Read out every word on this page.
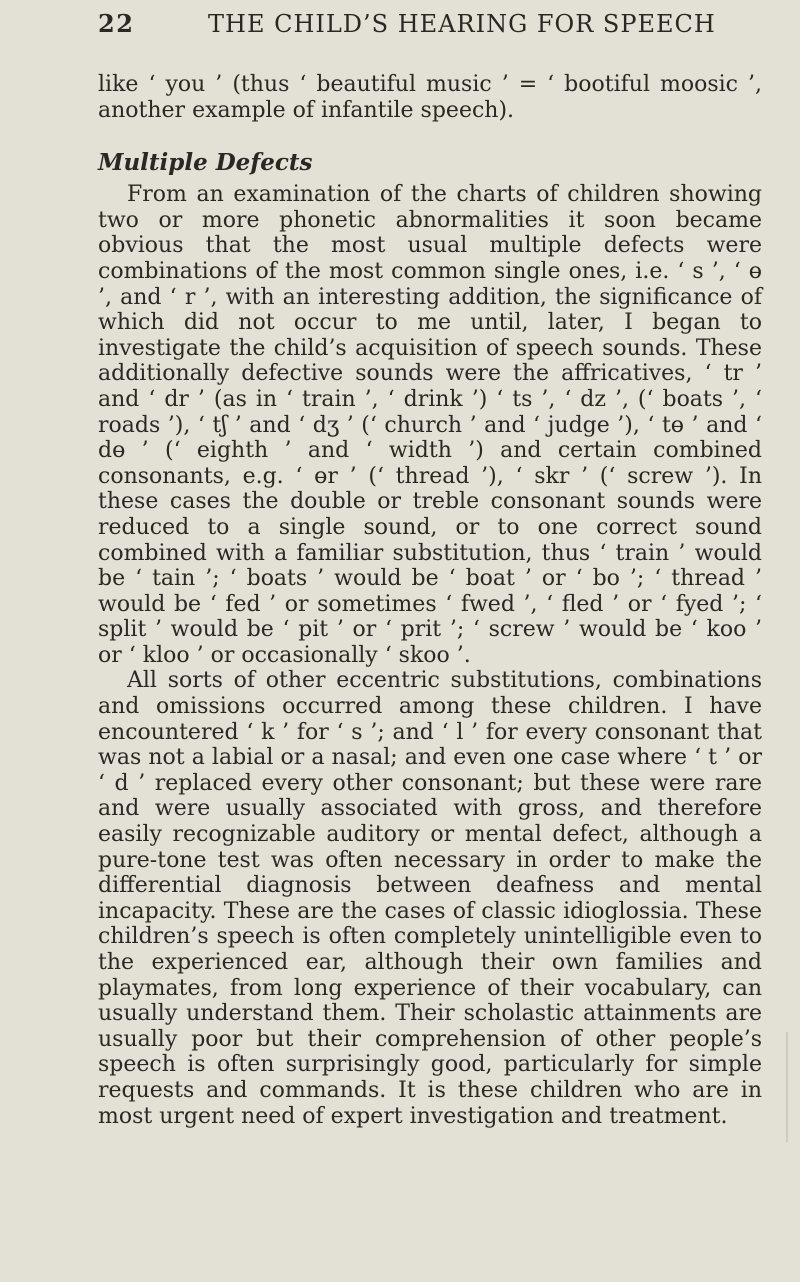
22	THE CHILD’S HEARING FOR SPEECH

like ‘ you ’ (thus ‘ beautiful music ’ = ‘ bootiful moosic ’, another example of infantile speech).

Multiple Defects

From an examination of the charts of children showing two or more phonetic abnormalities it soon became obvious that the most usual multiple defects were combinations of the most common single ones, i.e. ‘ s ’, ‘ ɵ ’, and ‘ r ’, with an interesting addition, the significance of which did not occur to me until, later, I began to investigate the child’s acquisition of speech sounds. These additionally defective sounds were the affricatives, ‘ tr ’ and ‘ dr ’ (as in ‘ train ’, ‘ drink ’) ‘ ts ’, ‘ dz ’, (‘ boats ’, ‘ roads ’), ‘ tʃ ’ and ‘ dʒ ’ (‘ church ’ and ‘ judge ’), ‘ tɵ ’ and ‘ dɵ ’ (‘ eighth ’ and ‘ width ’) and certain combined consonants, e.g. ‘ ɵr ’ (‘ thread ’), ‘ skr ’ (‘ screw ’). In these cases the double or treble consonant sounds were reduced to a single sound, or to one correct sound combined with a familiar substitution, thus ‘ train ’ would be ‘ tain ’; ‘ boats ’ would be ‘ boat ’ or ‘ bo ’; ‘ thread ’ would be ‘ fed ’ or sometimes ‘ fwed ’, ‘ fled ’ or ‘ fyed ’; ‘ split ’ would be ‘ pit ’ or ‘ prit ’; ‘ screw ’ would be ‘ koo ’ or ‘ kloo ’ or occasionally ‘ skoo ’.

All sorts of other eccentric substitutions, combinations and omissions occurred among these children. I have encountered ‘ k ’ for ‘ s ’; and ‘ l ’ for every consonant that was not a labial or a nasal; and even one case where ‘ t ’ or ‘ d ’ replaced every other consonant; but these were rare and were usually associated with gross, and therefore easily recognizable auditory or mental defect, although a pure-tone test was often necessary in order to make the differential diagnosis between deafness and mental incapacity. These are the cases of classic idioglossia. These children’s speech is often completely unintelligible even to the experienced ear, although their own families and playmates, from long experience of their vocabulary, can usually understand them. Their scholastic attainments are usually poor but their comprehension of other people’s speech is often surprisingly good, particularly for simple requests and commands. It is these children who are in most urgent need of expert investigation and treatment.
